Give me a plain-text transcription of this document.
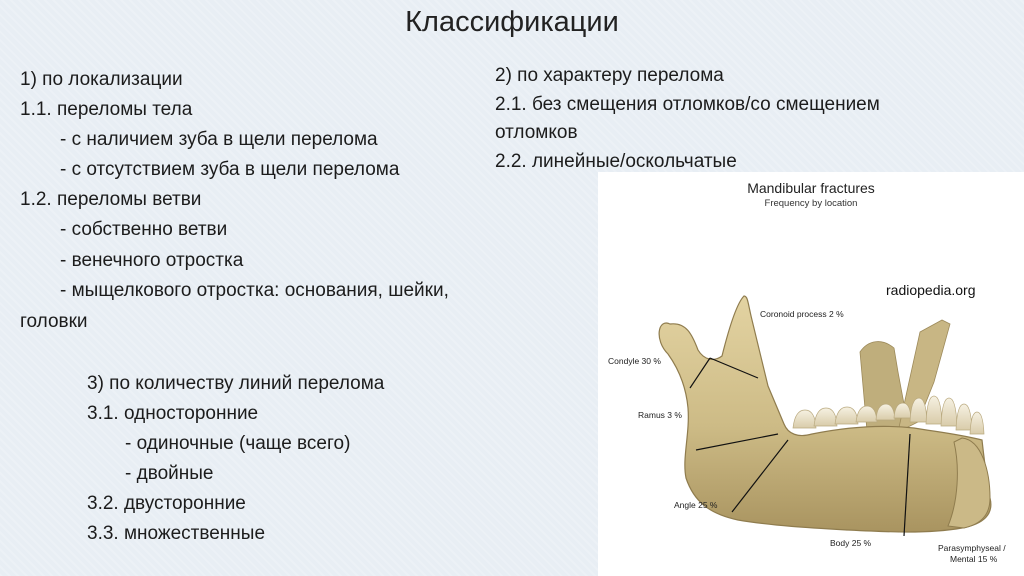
Классификации
1) по локализации
1.1. переломы тела
- с наличием зуба в щели перелома
- с отсутствием зуба в щели перелома
1.2. переломы ветви
- собственно ветви
- венечного отростка
- мыщелкового отростка: основания, шейки,
головки
2) по характеру перелома
2.1. без смещения отломков/со смещением
отломков
2.2. линейные/оскольчатые
3) по количеству линий перелома
3.1. односторонние
- одиночные (чаще всего)
- двойные
3.2. двусторонние
3.3. множественные
Mandibular fractures
Frequency by location
radiopedia.org
Coronoid process 2 %
Condyle 30 %
Ramus 3 %
Angle 25 %
Body 25 %	Parasymphyseal /
Mental 15 %
